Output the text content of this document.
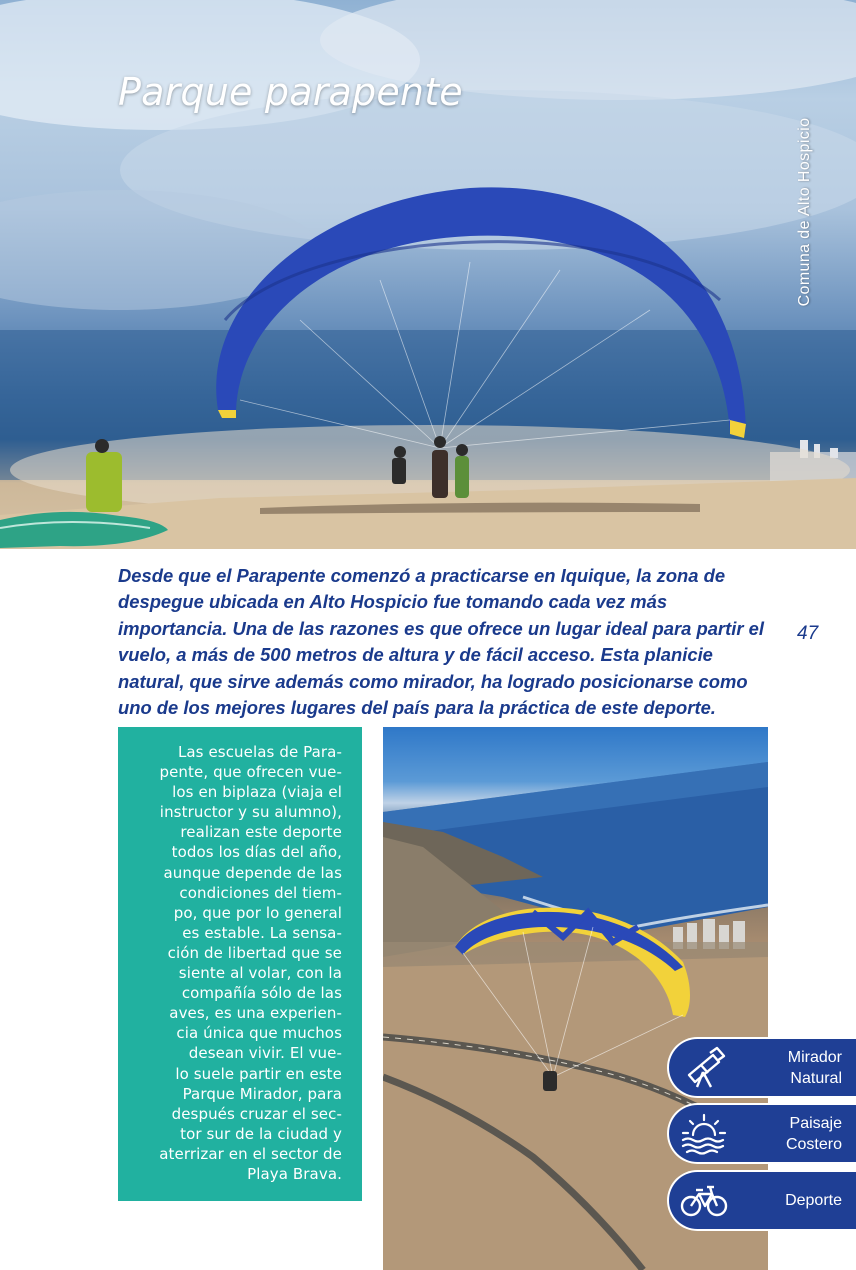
Parque parapente
Comuna de Alto Hospicio

Desde que el Parapente comenzó a practicarse en Iquique, la zona de despegue ubicada en Alto Hospicio fue tomando cada vez más importancia. Una de las razones es que ofrece un lugar ideal para partir el vuelo, a más de 500 metros de altura y de fácil acceso. Esta planicie natural, que sirve además como mirador, ha logrado posicionarse como uno de los mejores lugares del país para la práctica de este deporte.

47

Las escuelas de Para-
pente, que ofrecen vue-
los en biplaza (viaja el
instructor y su alumno),
realizan este deporte
todos los días del año,
aunque depende de las
condiciones del tiem-
po, que por lo general
es estable. La sensa-
ción de libertad que se
siente al volar, con la
compañía sólo de las
aves, es una experien-
cia única que muchos
desean vivir. El vue-
lo suele partir en este
Parque Mirador, para
después cruzar el sec-
tor sur de la ciudad y
aterrizar en el sector de
Playa Brava.

Mirador
Natural
Paisaje
Costero
Deporte
